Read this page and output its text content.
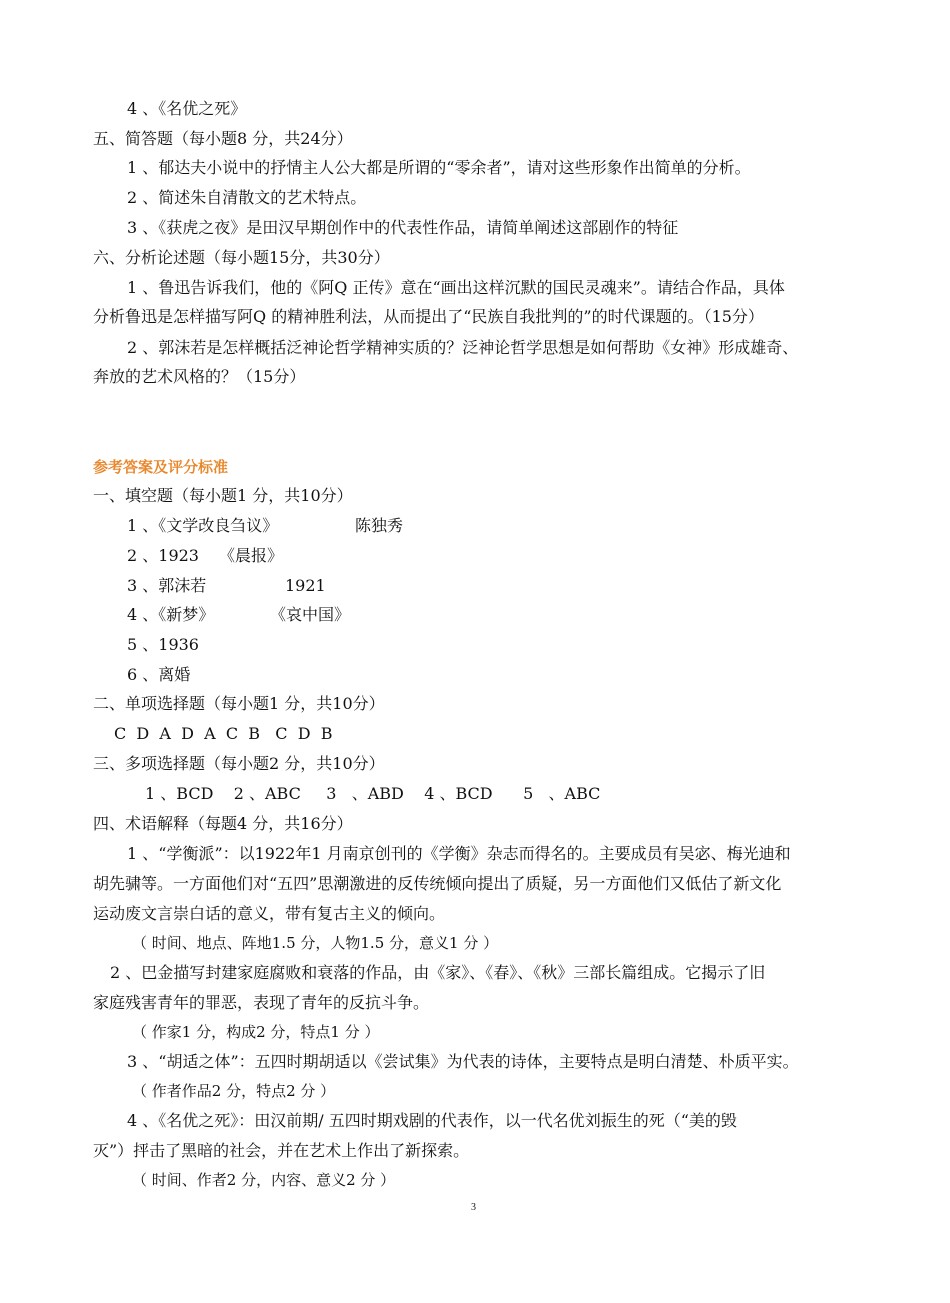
4 、《名优之死》
五、简答题（每小题8 分，共24分）
1 、郁达夫小说中的抒情主人公大都是所谓的“零余者”，请对这些形象作出简单的分析。
2 、简述朱自清散文的艺术特点。
3 、《获虎之夜》是田汉早期创作中的代表性作品，请简单阐述这部剧作的特征
六、分析论述题（每小题15分，共30分）
1 、鲁迅告诉我们，他的《阿Q 正传》意在“画出这样沉默的国民灵魂来”。请结合作品，具体
分析鲁迅是怎样描写阿Q 的精神胜利法，从而提出了“民族自我批判的”的时代课题的。（15分）
2 、郭沫若是怎样概括泛神论哲学精神实质的？泛神论哲学思想是如何帮助《女神》形成雄奇、
奔放的艺术风格的？（15分）
参考答案及评分标准
一、填空题（每小题1 分，共10分）
1 、《文学改良刍议》	陈独秀
2 、1923 《晨报》
3 、郭沫若	1921
4 、《新梦》	《哀中国》
5 、1936
6 、离婚
二、单项选择题（每小题1 分，共10分）
C  D  A  D  A  C  B   C  D  B
三、多项选择题（每小题2 分，共10分）
1 、BCD    2 、ABC     3   、ABD    4 、BCD      5   、ABC
四、术语解释（每题4 分，共16分）
1 、“学衡派”：以1922年1 月南京创刊的《学衡》杂志而得名的。主要成员有吴宓、梅光迪和
胡先骕等。一方面他们对“五四”思潮激进的反传统倾向提出了质疑，另一方面他们又低估了新文化
运动废文言崇白话的意义，带有复古主义的倾向。
（ 时间、地点、阵地1.5 分，人物1.5 分，意义1 分 ）
2 、巴金描写封建家庭腐败和衰落的作品，由《家》、《春》、《秋》三部长篇组成。它揭示了旧
家庭残害青年的罪恶，表现了青年的反抗斗争。
（ 作家1 分，构成2 分，特点1 分 ）
3 、“胡适之体”：五四时期胡适以《尝试集》为代表的诗体，主要特点是明白清楚、朴质平实。
（ 作者作品2 分，特点2 分 ）
4 、《名优之死》：田汉前期/ 五四时期戏剧的代表作，以一代名优刘振生的死（“美的毁
灭”）抨击了黑暗的社会，并在艺术上作出了新探索。
（ 时间、作者2 分，内容、意义2 分 ）
3
